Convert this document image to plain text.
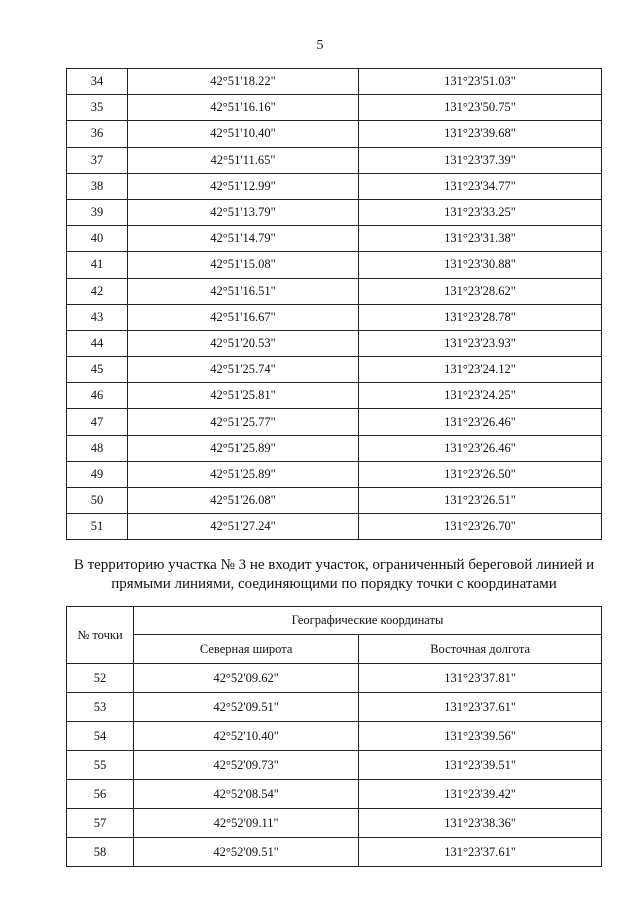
5
34	42°51'18.22"	131°23'51.03"
35	42°51'16.16"	131°23'50.75"
36	42°51'10.40"	131°23'39.68"
37	42°51'11.65"	131°23'37.39"
38	42°51'12.99"	131°23'34.77"
39	42°51'13.79"	131°23'33.25"
40	42°51'14.79"	131°23'31.38"
41	42°51'15.08"	131°23'30.88"
42	42°51'16.51"	131°23'28.62"
43	42°51'16.67"	131°23'28.78"
44	42°51'20.53"	131°23'23.93"
45	42°51'25.74"	131°23'24.12"
46	42°51'25.81"	131°23'24.25"
47	42°51'25.77"	131°23'26.46"
48	42°51'25.89"	131°23'26.46"
49	42°51'25.89"	131°23'26.50"
50	42°51'26.08"	131°23'26.51"
51	42°51'27.24"	131°23'26.70"
В территорию участка № 3 не входит участок, ограниченный береговой линией и прямыми линиями, соединяющими по порядку точки с координатами
№ точки	Географические координаты	
	Северная широта	Восточная долгота
52	42°52'09.62"	131°23'37.81"
53	42°52'09.51"	131°23'37.61"
54	42°52'10.40"	131°23'39.56"
55	42°52'09.73"	131°23'39.51"
56	42°52'08.54"	131°23'39.42"
57	42°52'09.11"	131°23'38.36"
58	42°52'09.51"	131°23'37.61"
